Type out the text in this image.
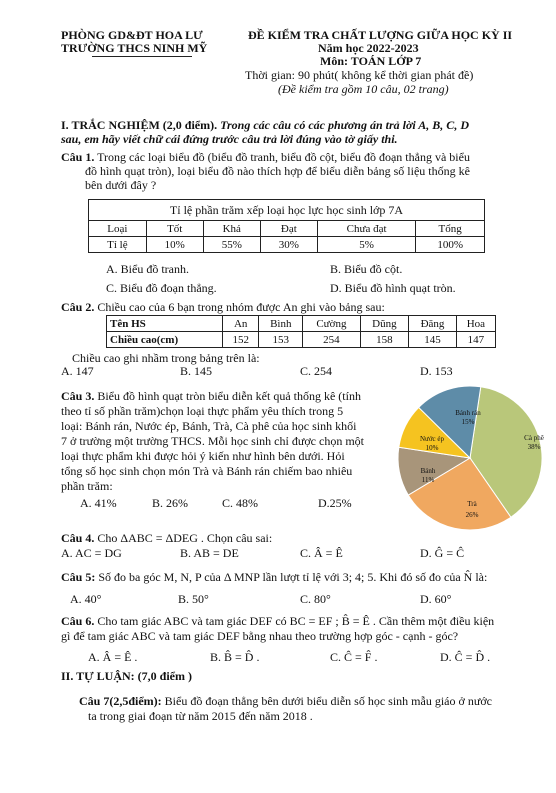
PHÒNG GD&ĐT HOA LƯ
TRƯỜNG THCS NINH MỸ
ĐỀ KIỂM TRA CHẤT LƯỢNG GIỮA HỌC KỲ II
Năm học 2022-2023
Môn: TOÁN LỚP 7
Thời gian: 90 phút( không kể thời gian phát đề)
(Đề kiểm tra gồm 10 câu, 02 trang)
I. TRẮC NGHIỆM (2,0 điểm). Trong các câu có các phương án trả lời A, B, C, D
sau, em hãy viết chữ cái đứng trước câu trả lời đúng vào tờ giấy thi.
Câu 1. Trong các loại biểu đồ (biểu đồ tranh, biểu đồ cột, biểu đồ đoạn thẳng và biểu
đồ hình quạt tròn), loại biểu đồ nào thích hợp để biểu diễn bảng số liệu thống kê
bên dưới đây ?
Tỉ lệ phần trăm xếp loại học lực học sinh lớp 7A					
Loại	Tốt	Khá	Đạt	Chưa đạt	Tổng
Tỉ lệ	10%	55%	30%	5%	100%
A. Biểu đồ tranh.	B. Biểu đồ cột.
C. Biểu đồ đoạn thẳng.	D. Biểu đồ hình quạt tròn.
Câu 2. Chiều cao của 6 bạn trong nhóm được An ghi vào bảng sau:
Tên HS	An	Bình	Cường	Dũng	Đăng	Hoa
Chiều cao(cm)	152	153	254	158	145	147
Chiều cao ghi nhầm trong bảng trên là:
A. 147	B. 145	C. 254	D. 153
Câu 3. Biểu đồ hình quạt tròn biểu diễn kết quả thống kê (tính
theo tỉ số phần trăm)chọn loại thực phẩm yêu thích trong 5
loại: Bánh rán, Nước ép, Bánh, Trà, Cà phê của học sinh khối
7 ở trường một trường THCS. Mỗi học sinh chỉ được chọn một
loại thực phẩm khi được hỏi ý kiến như hình bên dưới. Hỏi
tổng số học sinh chọn món Trà và Bánh rán chiếm bao nhiêu
phần trăm:
A. 41%	B. 26%	C. 48%	D.25%
Bánh rán
15%
Cà phê
38%
Nước ép
10%
Bánh
11%
Trà
26%
Câu 4. Cho ΔABC = ΔDEG . Chọn câu sai:
A. AC = DG	B. AB = DE	C. Â = Ê	D. Ĝ = Ĉ
Câu 5: Số đo ba góc M, N, P của Δ MNP lần lượt tỉ lệ với 3; 4; 5. Khi đó số đo của N̂ là:
A. 40°	B. 50°	C. 80°	D. 60°
Câu 6. Cho tam giác ABC và tam giác DEF có BC = EF ; B̂ = Ê . Cần thêm một điều kiện
gì để tam giác ABC và tam giác DEF bằng nhau theo trường hợp góc - cạnh - góc?
A. Â = Ê .	B. B̂ = D̂ .	C. Ĉ = F̂ .	D. Ĉ = D̂ .
II. TỰ LUẬN: (7,0 điểm )
Câu 7(2,5điểm): Biểu đồ đoạn thẳng bên dưới biểu diễn số học sinh mẫu giáo ở nước
ta trong giai đoạn từ năm 2015 đến năm 2018 .
